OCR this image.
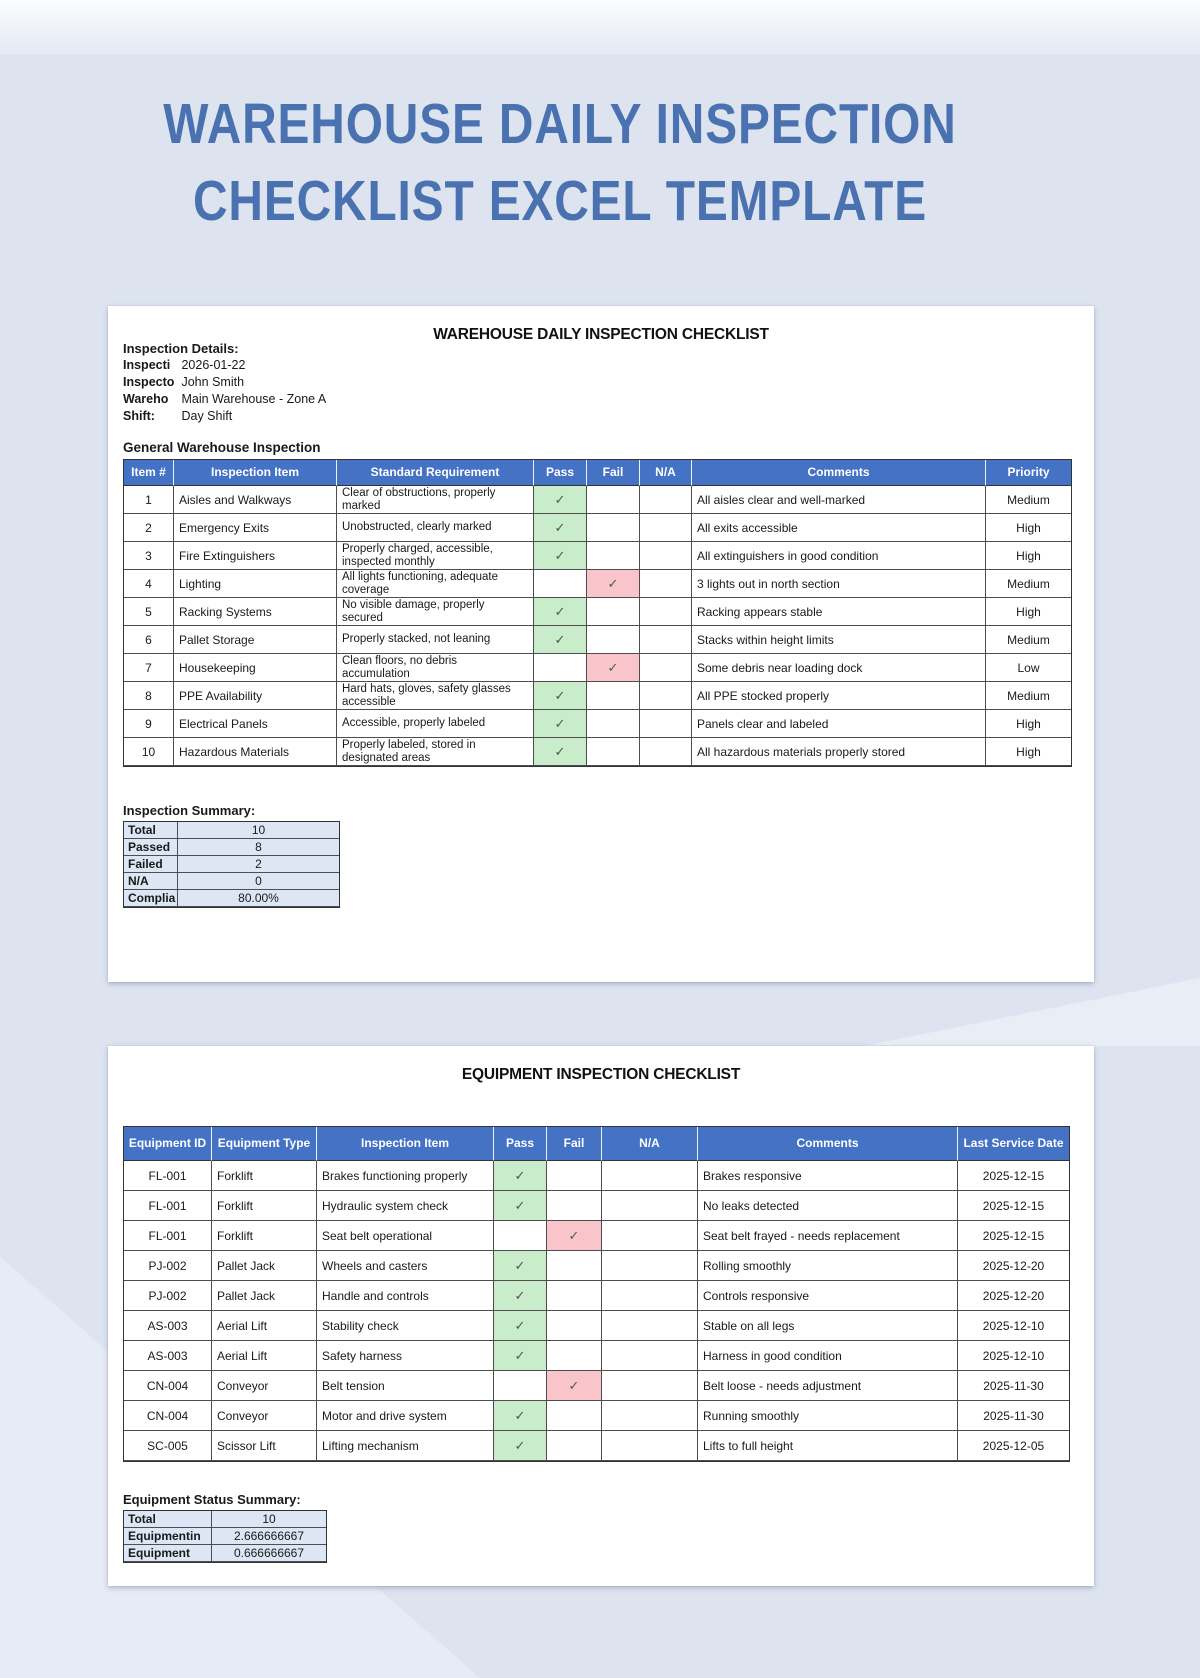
WAREHOUSE DAILY INSPECTION
CHECKLIST EXCEL TEMPLATE
WAREHOUSE DAILY INSPECTION CHECKLIST
Inspection Details:
Inspecti 2026-01-22
Inspecto John Smith
Wareho Main Warehouse - Zone A
Shift: Day Shift
General Warehouse Inspection
Item #	Inspection Item	Standard Requirement	Pass	Fail	N/A	Comments	Priority
1	Aisles and Walkways	Clear of obstructions, properly marked	✓			All aisles clear and well-marked	Medium
2	Emergency Exits	Unobstructed, clearly marked	✓			All exits accessible	High
3	Fire Extinguishers	Properly charged, accessible, inspected monthly	✓			All extinguishers in good condition	High
4	Lighting	All lights functioning, adequate coverage		✓		3 lights out in north section	Medium
5	Racking Systems	No visible damage, properly secured	✓			Racking appears stable	High
6	Pallet Storage	Properly stacked, not leaning	✓			Stacks within height limits	Medium
7	Housekeeping	Clean floors, no debris accumulation		✓		Some debris near loading dock	Low
8	PPE Availability	Hard hats, gloves, safety glasses accessible	✓			All PPE stocked properly	Medium
9	Electrical Panels	Accessible, properly labeled	✓			Panels clear and labeled	High
10	Hazardous Materials	Properly labeled, stored in designated areas	✓			All hazardous materials properly stored	High
Inspection Summary:
Total	10
Passed	8
Failed	2
N/A	0
Complia	80.00%
EQUIPMENT INSPECTION CHECKLIST
Equipment ID	Equipment Type	Inspection Item	Pass	Fail	N/A	Comments	Last Service Date
FL-001	Forklift	Brakes functioning properly	✓			Brakes responsive	2025-12-15
FL-001	Forklift	Hydraulic system check	✓			No leaks detected	2025-12-15
FL-001	Forklift	Seat belt operational		✓		Seat belt frayed - needs replacement	2025-12-15
PJ-002	Pallet Jack	Wheels and casters	✓			Rolling smoothly	2025-12-20
PJ-002	Pallet Jack	Handle and controls	✓			Controls responsive	2025-12-20
AS-003	Aerial Lift	Stability check	✓			Stable on all legs	2025-12-10
AS-003	Aerial Lift	Safety harness	✓			Harness in good condition	2025-12-10
CN-004	Conveyor	Belt tension		✓		Belt loose - needs adjustment	2025-11-30
CN-004	Conveyor	Motor and drive system	✓			Running smoothly	2025-11-30
SC-005	Scissor Lift	Lifting mechanism	✓			Lifts to full height	2025-12-05
Equipment Status Summary:
Total	10
Equipmentin	2.666666667
Equipment	0.666666667
